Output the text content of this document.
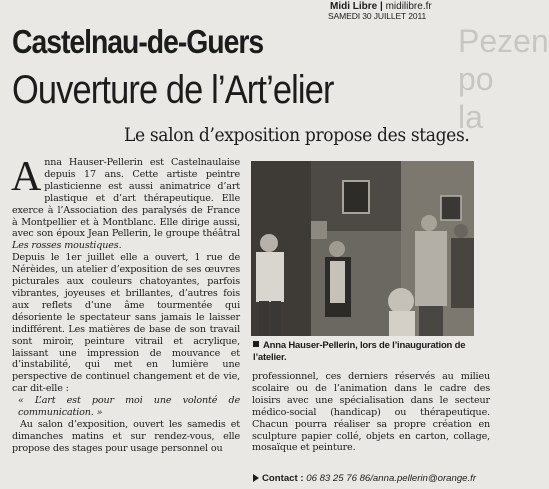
Midi Libre | midilibre.fr
SAMEDI 30 JUILLET 2011
Pezen po la
Castelnau-de-Guers
Ouverture de l’Art’elier
Le salon d’exposition propose des stages.

Anna Hauser-Pellerin est Castelnaulaise depuis 17 ans. Cette artiste peintre plasticienne est aussi animatrice d’art plastique et d’art thérapeutique. Elle exerce à l’Association des paralysés de France à Montpellier et à Montblanc. Elle dirige aussi, avec son époux Jean Pellerin, le groupe théâtral Les rosses moustiques.

Depuis le 1er juillet elle a ouvert, 1 rue de Nérèides, un atelier d’exposition de ses œuvres picturales aux couleurs chatoyantes, parfois vibrantes, joyeuses et brillantes, d’autres fois aux reflets d’une âme tourmentée qui désoriente le spectateur sans jamais le laisser indifférent. Les matières de base de son travail sont miroir, peinture vitrail et acrylique, laissant une impression de mouvance et d’instabilité, qui met en lumière une perspective de continuel changement et de vie, car dit-elle :
« L’art est pour moi une volonté de communication. »

Au salon d’exposition, ouvert les samedis et dimanches matins et sur rendez-vous, elle propose des stages pour usage personnel ou

Anna Hauser-Pellerin, lors de l’inauguration de l’atelier.

professionnel, ces derniers réservés au milieu scolaire ou de l’animation dans le cadre des loisirs avec une spécialisation dans le secteur médico-social (handicap) ou thérapeutique. Chacun pourra réaliser sa propre création en sculpture papier collé, objets en carton, collage, mosaïque et peinture.

Contact : 06 83 25 76 86/anna.pellerin@orange.fr
